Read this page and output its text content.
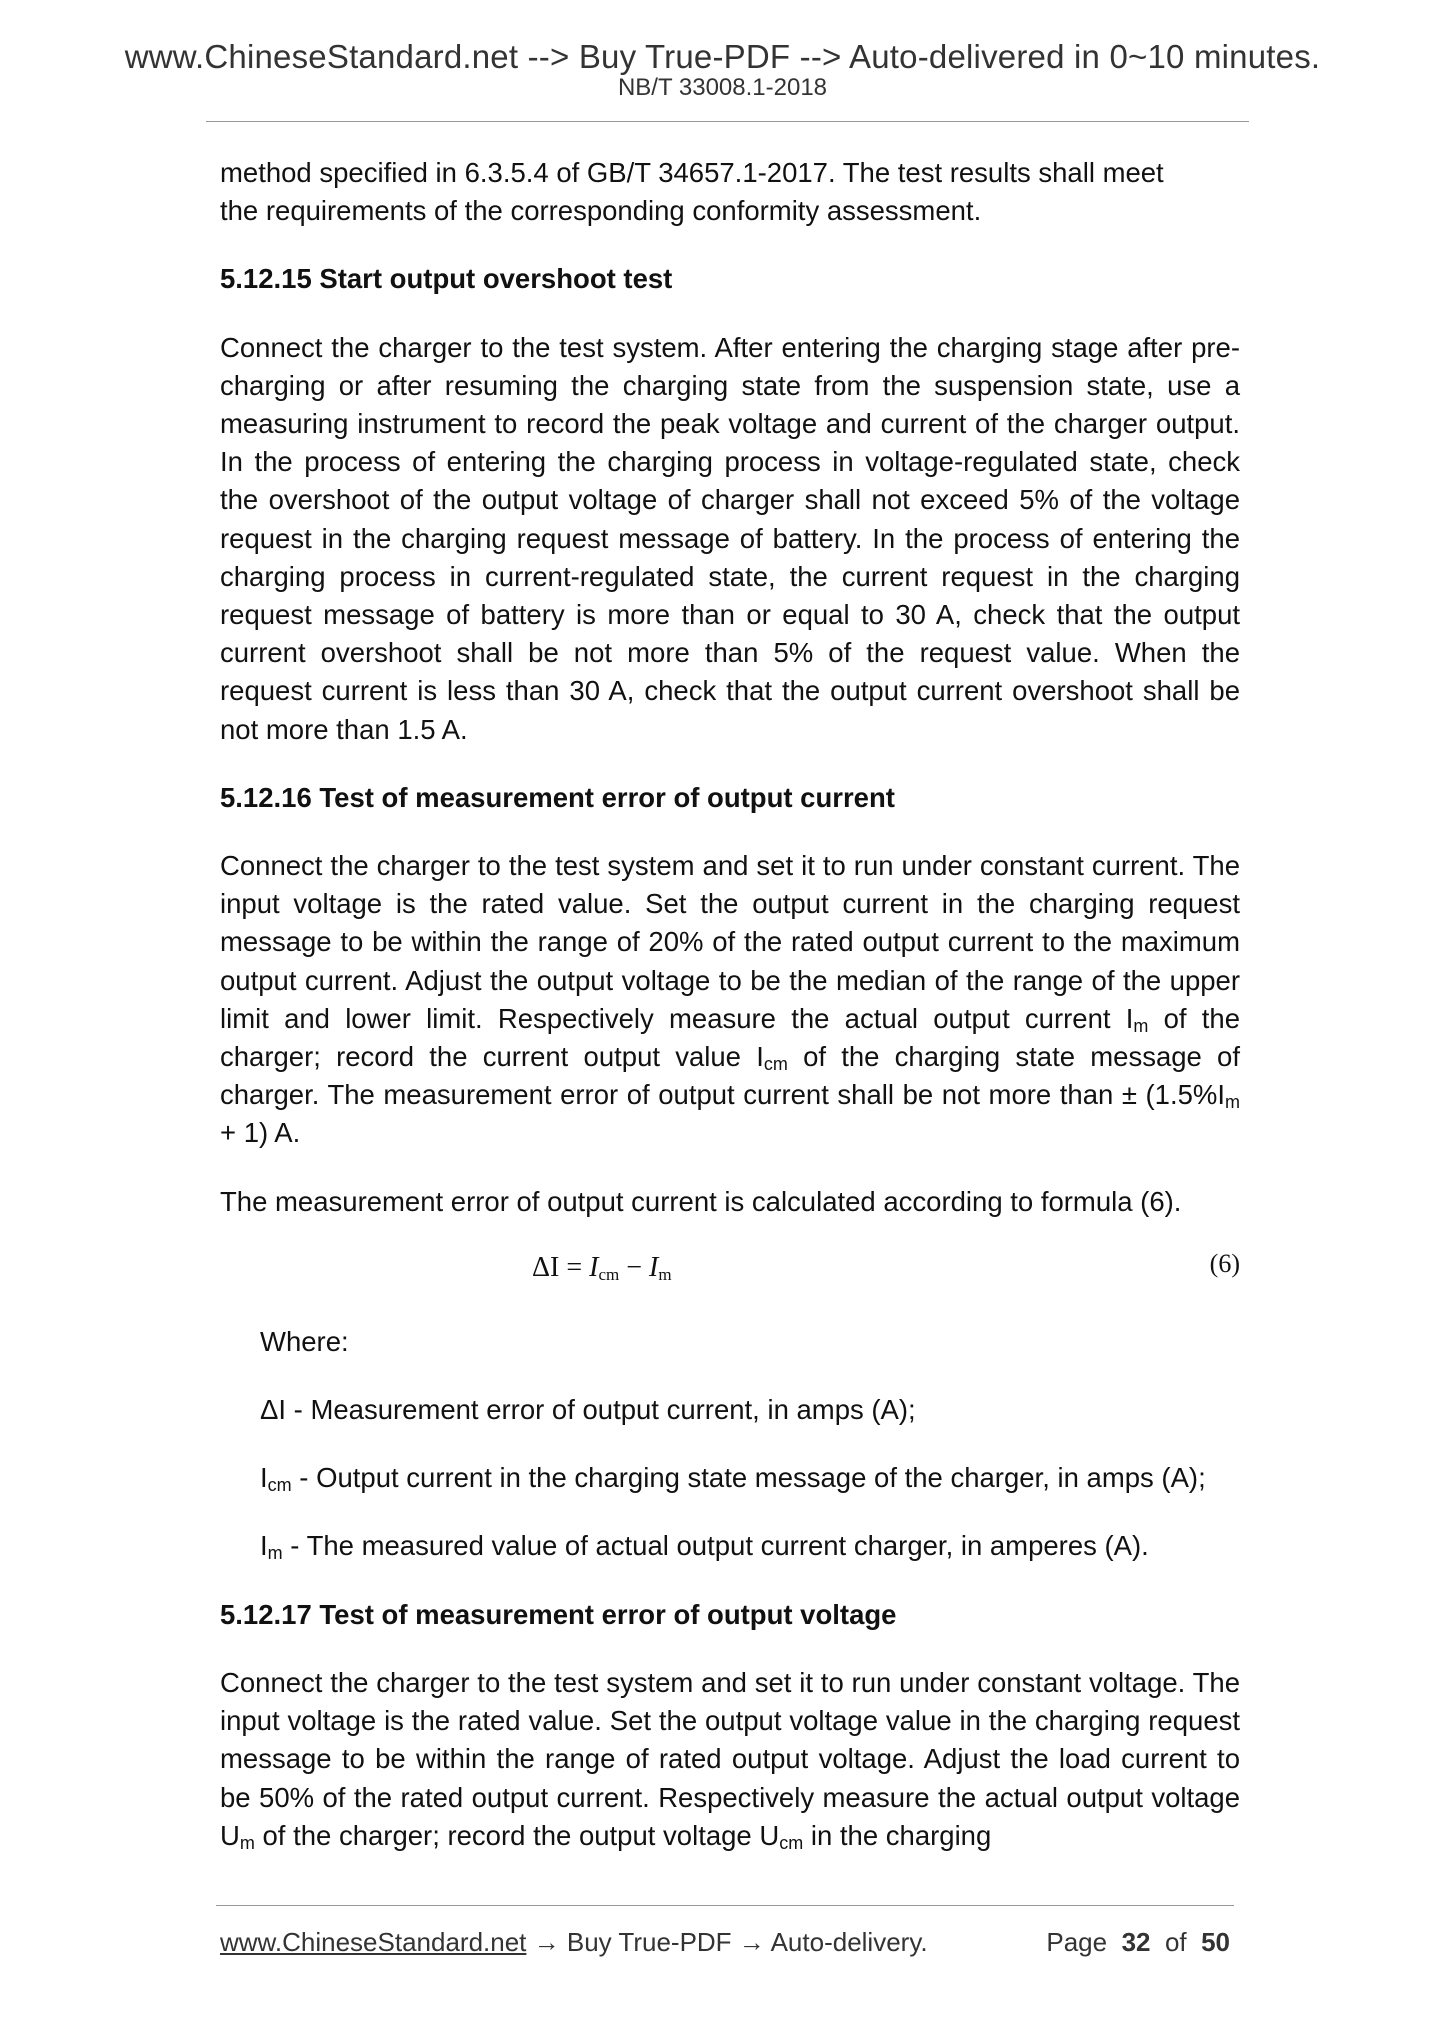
www.ChineseStandard.net --> Buy True-PDF --> Auto-delivered in 0~10 minutes.
NB/T 33008.1-2018

method specified in 6.3.5.4 of GB/T 34657.1-2017. The test results shall meet
the requirements of the corresponding conformity assessment.

5.12.15 Start output overshoot test

Connect the charger to the test system. After entering the charging stage after pre-charging or after resuming the charging state from the suspension state, use a measuring instrument to record the peak voltage and current of the charger output. In the process of entering the charging process in voltage-regulated state, check the overshoot of the output voltage of charger shall not exceed 5% of the voltage request in the charging request message of battery. In the process of entering the charging process in current-regulated state, the current request in the charging request message of battery is more than or equal to 30 A, check that the output current overshoot shall be not more than 5% of the request value. When the request current is less than 30 A, check that the output current overshoot shall be not more than 1.5 A.

5.12.16 Test of measurement error of output current

Connect the charger to the test system and set it to run under constant current. The input voltage is the rated value. Set the output current in the charging request message to be within the range of 20% of the rated output current to the maximum output current. Adjust the output voltage to be the median of the range of the upper limit and lower limit. Respectively measure the actual output current $I_m$ of the charger; record the current output value $I_{cm}$ of the charging state message of charger. The measurement error of output current shall be not more than ± $(1.5\%I_m + 1)$ A.

The measurement error of output current is calculated according to formula (6).

$\Delta I = I_{cm} - I_m$	(6)

Where:

ΔI - Measurement error of output current, in amps (A);

$I_{cm}$ - Output current in the charging state message of the charger, in amps (A);

$I_m$ - The measured value of actual output current charger, in amperes (A).

5.12.17 Test of measurement error of output voltage

Connect the charger to the test system and set it to run under constant voltage. The input voltage is the rated value. Set the output voltage value in the charging request message to be within the range of rated output voltage. Adjust the load current to be 50% of the rated output current. Respectively measure the actual output voltage $U_m$ of the charger; record the output voltage $U_{cm}$ in the charging

www.ChineseStandard.net → Buy True-PDF → Auto-delivery.	Page 32 of 50
